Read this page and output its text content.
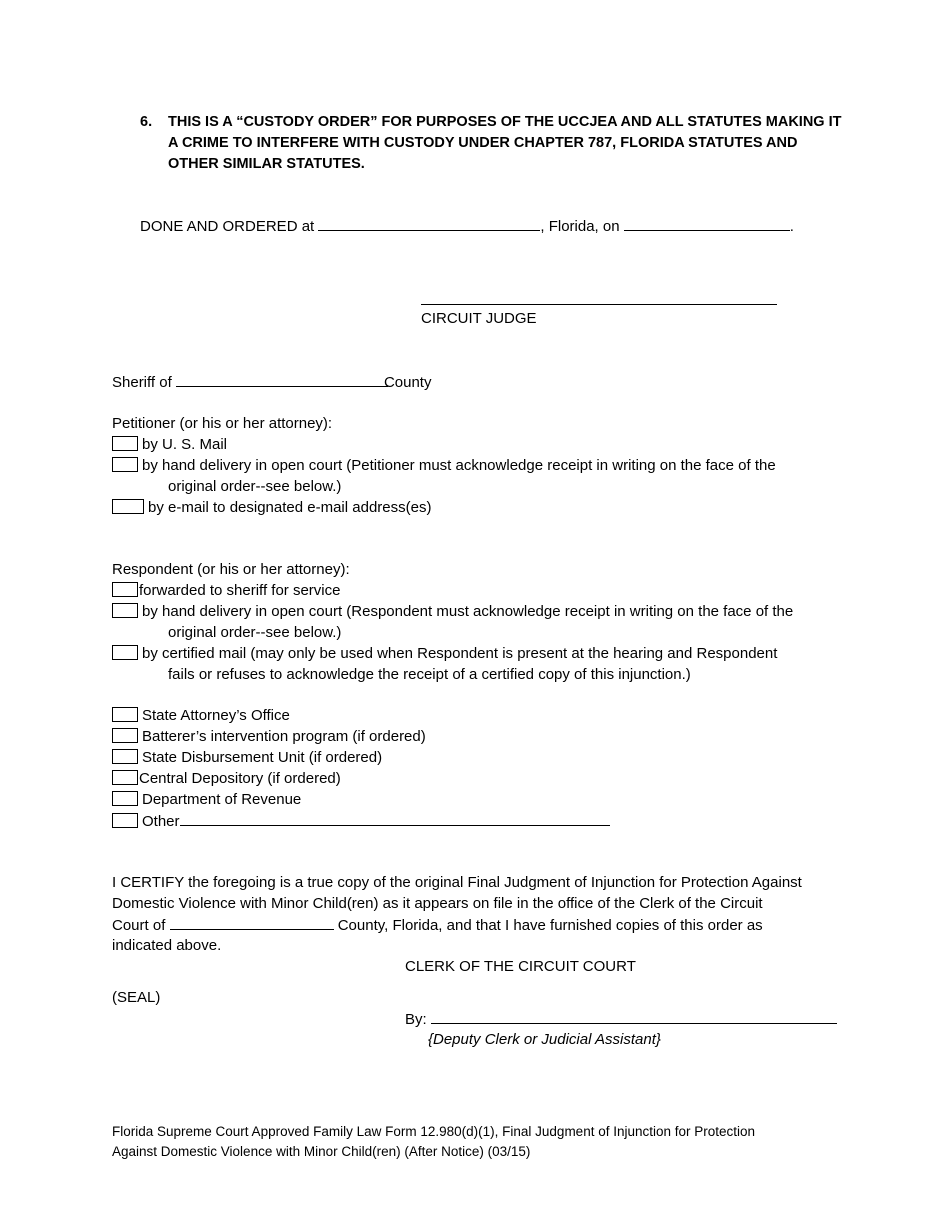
6. THIS IS A “CUSTODY ORDER” FOR PURPOSES OF THE UCCJEA AND ALL STATUTES MAKING IT A CRIME TO INTERFERE WITH CUSTODY UNDER CHAPTER 787, FLORIDA STATUTES AND OTHER SIMILAR STATUTES.
DONE AND ORDERED at	, Florida, on	.
CIRCUIT JUDGE
Sheriff of	County
Petitioner (or his or her attorney):
by U. S. Mail
by hand delivery in open court (Petitioner must acknowledge receipt in writing on the face of the
original order--see below.)
by e-mail to designated e-mail address(es)
Respondent (or his or her attorney):
forwarded to sheriff for service
by hand delivery in open court (Respondent must acknowledge receipt in writing on the face of the
original order--see below.)
by certified mail (may only be used when Respondent is present at the hearing and Respondent
fails or refuses to acknowledge the receipt of a certified copy of this injunction.)
State Attorney’s Office
Batterer’s intervention program (if ordered)
State Disbursement Unit (if ordered)
Central Depository (if ordered)
Department of Revenue
Other
I CERTIFY the foregoing is a true copy of the original Final Judgment of Injunction for Protection Against
Domestic Violence with Minor Child(ren) as it appears on file in the office of the Clerk of the Circuit
Court of	County, Florida, and that I have furnished copies of this order as
indicated above.
CLERK OF THE CIRCUIT COURT
(SEAL)
By:
{Deputy Clerk or Judicial Assistant}
Florida Supreme Court Approved Family Law Form 12.980(d)(1), Final Judgment of Injunction for Protection
Against Domestic Violence with Minor Child(ren) (After Notice) (03/15)
